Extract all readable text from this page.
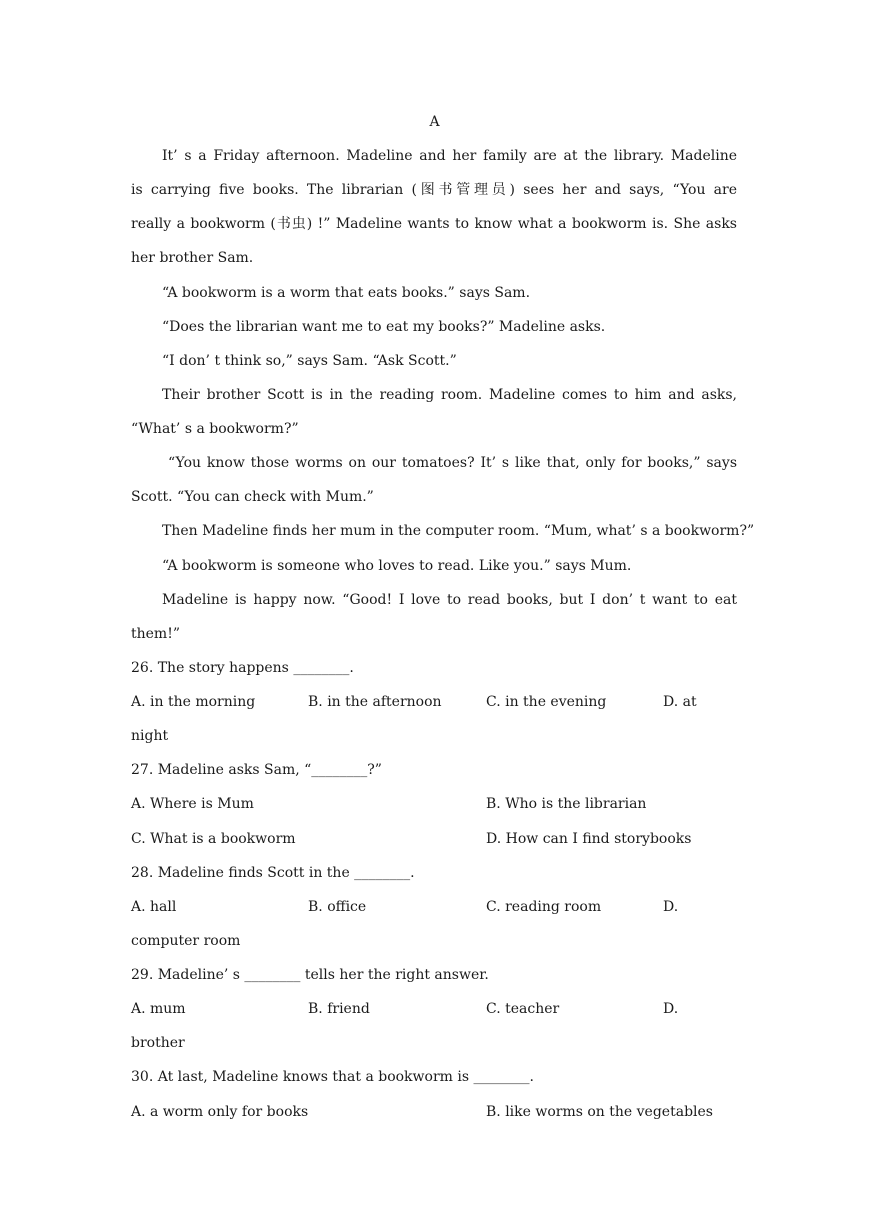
A
It’ s a Friday afternoon. Madeline and her family are at the library. Madeline
is carrying five books. The librarian (图书管理员) sees her and says, “You are
really a bookworm (书虫) !” Madeline wants to know what a bookworm is. She asks
her brother Sam.
“A bookworm is a worm that eats books.” says Sam.
“Does the librarian want me to eat my books?” Madeline asks.
“I don’ t think so,” says Sam. “Ask Scott.”
Their brother Scott is in the reading room. Madeline comes to him and asks,
“What’ s a bookworm?”
“You know those worms on our tomatoes? It’ s like that, only for books,” says
Scott. “You can check with Mum.”
Then Madeline finds her mum in the computer room. “Mum, what’ s a bookworm?”
“A bookworm is someone who loves to read. Like you.” says Mum.
Madeline is happy now. “Good! I love to read books, but I don’ t want to eat
them!”
26. The story happens ________.
A. in the morning	B. in the afternoon	C. in the evening	D. at
night
27. Madeline asks Sam, “________?”
A. Where is Mum	B. Who is the librarian
C. What is a bookworm	D. How can I find storybooks
28. Madeline finds Scott in the ________.
A. hall	B. office	C. reading room	D.
computer room
29. Madeline’ s ________ tells her the right answer.
A. mum	B. friend	C. teacher	D.
brother
30. At last, Madeline knows that a bookworm is ________.
A. a worm only for books	B. like worms on the vegetables
